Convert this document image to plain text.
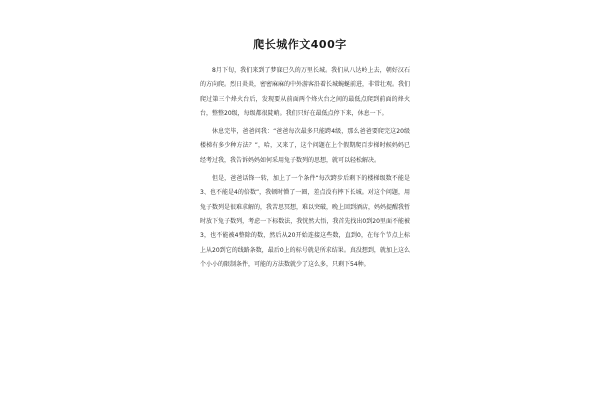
爬长城作文400字

8月下旬，我们来到了梦寐已久的万里长城。我们从八达岭上去，朝好汉石的方向爬。烈日炎炎，密密麻麻的中外游客沿着长城蜿蜒前进，非常壮观。我们爬过第三个烽火台后，发现要从前面两个烽火台之间的最低点爬到前面的烽火台，整整20级，每级都很陡峭。我们只好在最低点停下来，休息一下。

休息完毕，爸爸问我：“爸爸每次最多只能跨4级，那么爸爸要爬完这20级楼梯有多少种方法？”，哈，又来了，这个问题在上个假期爬百步梯时候妈妈已经考过我，我告诉妈妈如何采用兔子数列的思想，就可以轻松解决。

但是，爸爸话锋一转，加上了一个条件“每次跨步后剩下的楼梯级数不能是3、也不能是4的倍数”，我顿时懵了一圈，差点没有摔下长城。对这个问题，用兔子数列是很难求解的，我苦思冥想，难以突破，晚上回到酒店，妈妈提醒我暂时放下兔子数列，考虑一下标数法，我恍然大悟，我首先找出0到20里面不能被3，也不能被4整除的数，然后从20开始连接这些数，直到0，在每个节点上标上从20到它的线路条数，最后0上的标号就是所求结果。真没想到，就加上这么个小小的限制条件，可能的方法数就少了这么多，只剩下54种。
